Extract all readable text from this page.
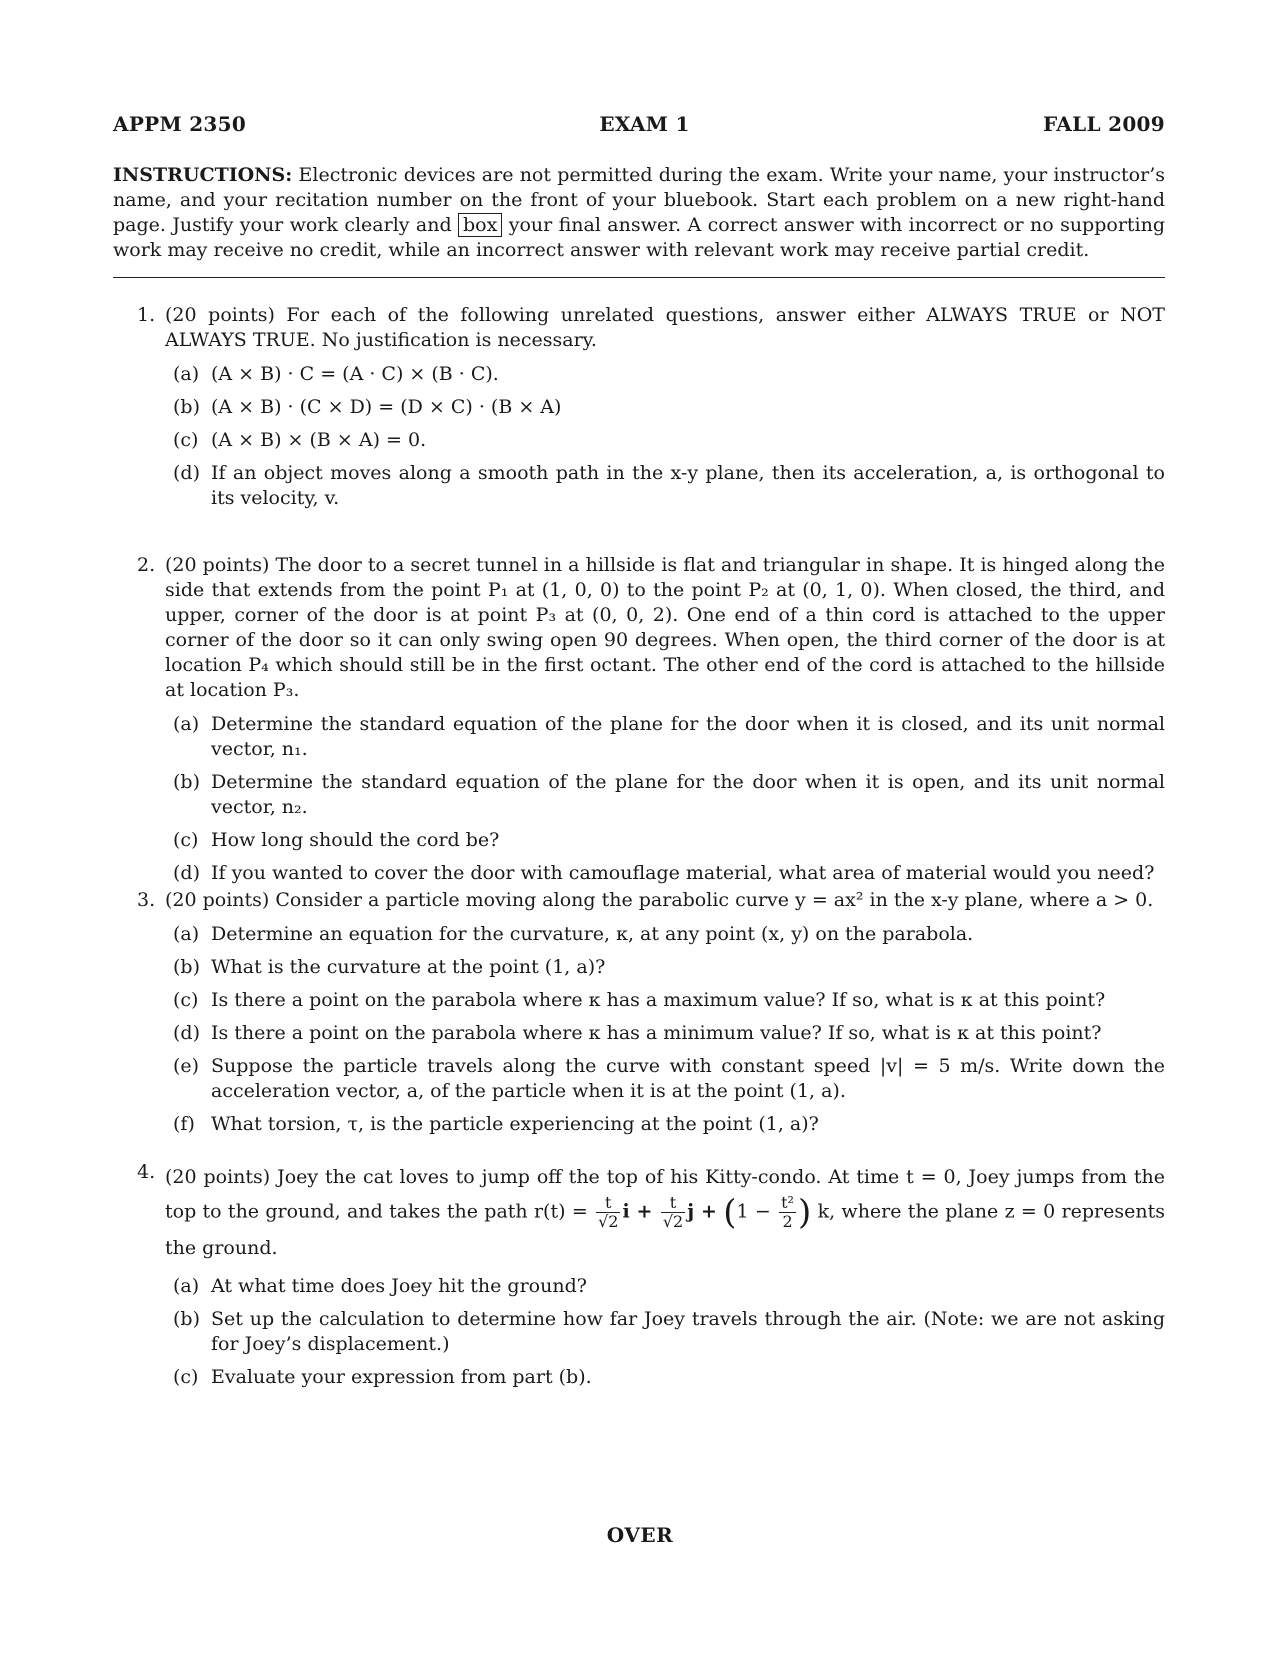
APPM 2350	EXAM 1	FALL 2009
INSTRUCTIONS: Electronic devices are not permitted during the exam. Write your name, your instructor’s name, and your recitation number on the front of your bluebook. Start each problem on a new right-hand page. Justify your work clearly and box your final answer. A correct answer with incorrect or no supporting work may receive no credit, while an incorrect answer with relevant work may receive partial credit.
1. (20 points) For each of the following unrelated questions, answer either ALWAYS TRUE or NOT ALWAYS TRUE. No justification is necessary.
(a) (A × B) · C = (A · C) × (B · C).
(b) (A × B) · (C × D) = (D × C) · (B × A)
(c) (A × B) × (B × A) = 0.
(d) If an object moves along a smooth path in the x-y plane, then its acceleration, a, is orthogonal to its velocity, v.
2. (20 points) The door to a secret tunnel in a hillside is flat and triangular in shape. It is hinged along the side that extends from the point P₁ at (1, 0, 0) to the point P₂ at (0, 1, 0). When closed, the third, and upper, corner of the door is at point P₃ at (0, 0, 2). One end of a thin cord is attached to the upper corner of the door so it can only swing open 90 degrees. When open, the third corner of the door is at location P₄ which should still be in the first octant. The other end of the cord is attached to the hillside at location P₃.
(a) Determine the standard equation of the plane for the door when it is closed, and its unit normal vector, n₁.
(b) Determine the standard equation of the plane for the door when it is open, and its unit normal vector, n₂.
(c) How long should the cord be?
(d) If you wanted to cover the door with camouflage material, what area of material would you need?
3. (20 points) Consider a particle moving along the parabolic curve y = ax² in the x-y plane, where a > 0.
(a) Determine an equation for the curvature, κ, at any point (x, y) on the parabola.
(b) What is the curvature at the point (1, a)?
(c) Is there a point on the parabola where κ has a maximum value? If so, what is κ at this point?
(d) Is there a point on the parabola where κ has a minimum value? If so, what is κ at this point?
(e) Suppose the particle travels along the curve with constant speed |v| = 5 m/s. Write down the acceleration vector, a, of the particle when it is at the point (1, a).
(f) What torsion, τ, is the particle experiencing at the point (1, a)?
4. (20 points) Joey the cat loves to jump off the top of his Kitty-condo. At time t = 0, Joey jumps from the top to the ground, and takes the path $r(t) = \frac{t}{√2}$ $i + \frac{t}{√2}$ $j + (1 - \frac{\text{t²}}{2}$ ) k, where the plane z = 0 represents the ground.
(a) At what time does Joey hit the ground?
(b) Set up the calculation to determine how far Joey travels through the air. (Note: we are not asking for Joey’s displacement.)
(c) Evaluate your expression from part (b).
OVER
